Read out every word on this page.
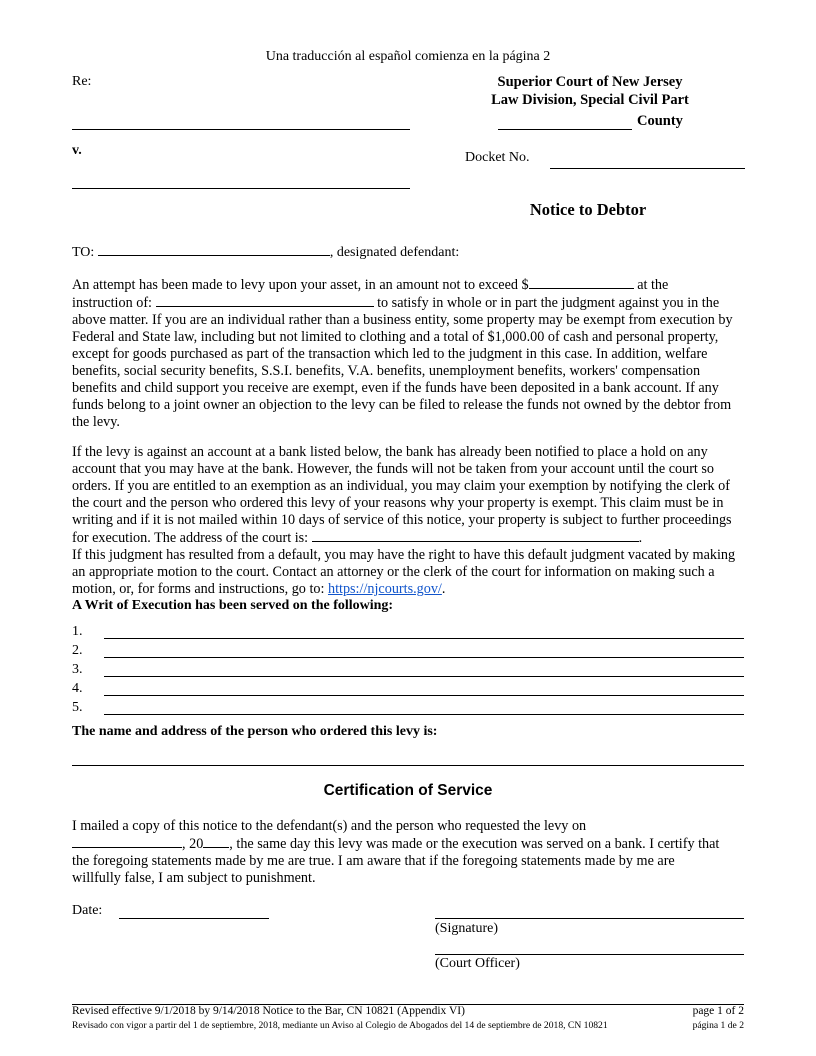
Una traducción al español comienza en la página 2
Re:
v.
Superior Court of New Jersey
Law Division, Special Civil Part
County
Docket No.
Notice to Debtor
TO:	, designated defendant:
An attempt has been made to levy upon your asset, in an amount not to exceed $	at the
instruction of:	to satisfy in whole or in part the judgment against you in the
above matter. If you are an individual rather than a business entity, some property may be exempt from execution by Federal and State law, including but not limited to clothing and a total of $1,000.00 of cash and personal property, except for goods purchased as part of the transaction which led to the judgment in this case. In addition, welfare benefits, social security benefits, S.S.I. benefits, V.A. benefits, unemployment benefits, workers' compensation benefits and child support you receive are exempt, even if the funds have been deposited in a bank account. If any funds belong to a joint owner an objection to the levy can be filed to release the funds not owned by the debtor from the levy.
If the levy is against an account at a bank listed below, the bank has already been notified to place a hold on any account that you may have at the bank. However, the funds will not be taken from your account until the court so orders. If you are entitled to an exemption as an individual, you may claim your exemption by notifying the clerk of the court and the person who ordered this levy of your reasons why your property is exempt. This claim must be in writing and if it is not mailed within 10 days of service of this notice, your property is subject to further proceedings for execution. The address of the court is:	.
If this judgment has resulted from a default, you may have the right to have this default judgment vacated by making an appropriate motion to the court. Contact an attorney or the clerk of the court for information on making such a motion, or, for forms and instructions, go to: https://njcourts.gov/.
A Writ of Execution has been served on the following:
1.
2.
3.
4.
5.
The name and address of the person who ordered this levy is:
Certification of Service
I mailed a copy of this notice to the defendant(s) and the person who requested the levy on
, 20 , the same day this levy was made or the execution was served on a bank. I certify that
the foregoing statements made by me are true. I am aware that if the foregoing statements made by me are
willfully false, I am subject to punishment.
Date:
(Signature)
(Court Officer)
Revised effective 9/1/2018 by 9/14/2018 Notice to the Bar, CN 10821 (Appendix VI)	page 1 of 2
Revisado con vigor a partir del 1 de septiembre, 2018, mediante un Aviso al Colegio de Abogados del 14 de septiembre de 2018, CN 10821	página 1 de 2
